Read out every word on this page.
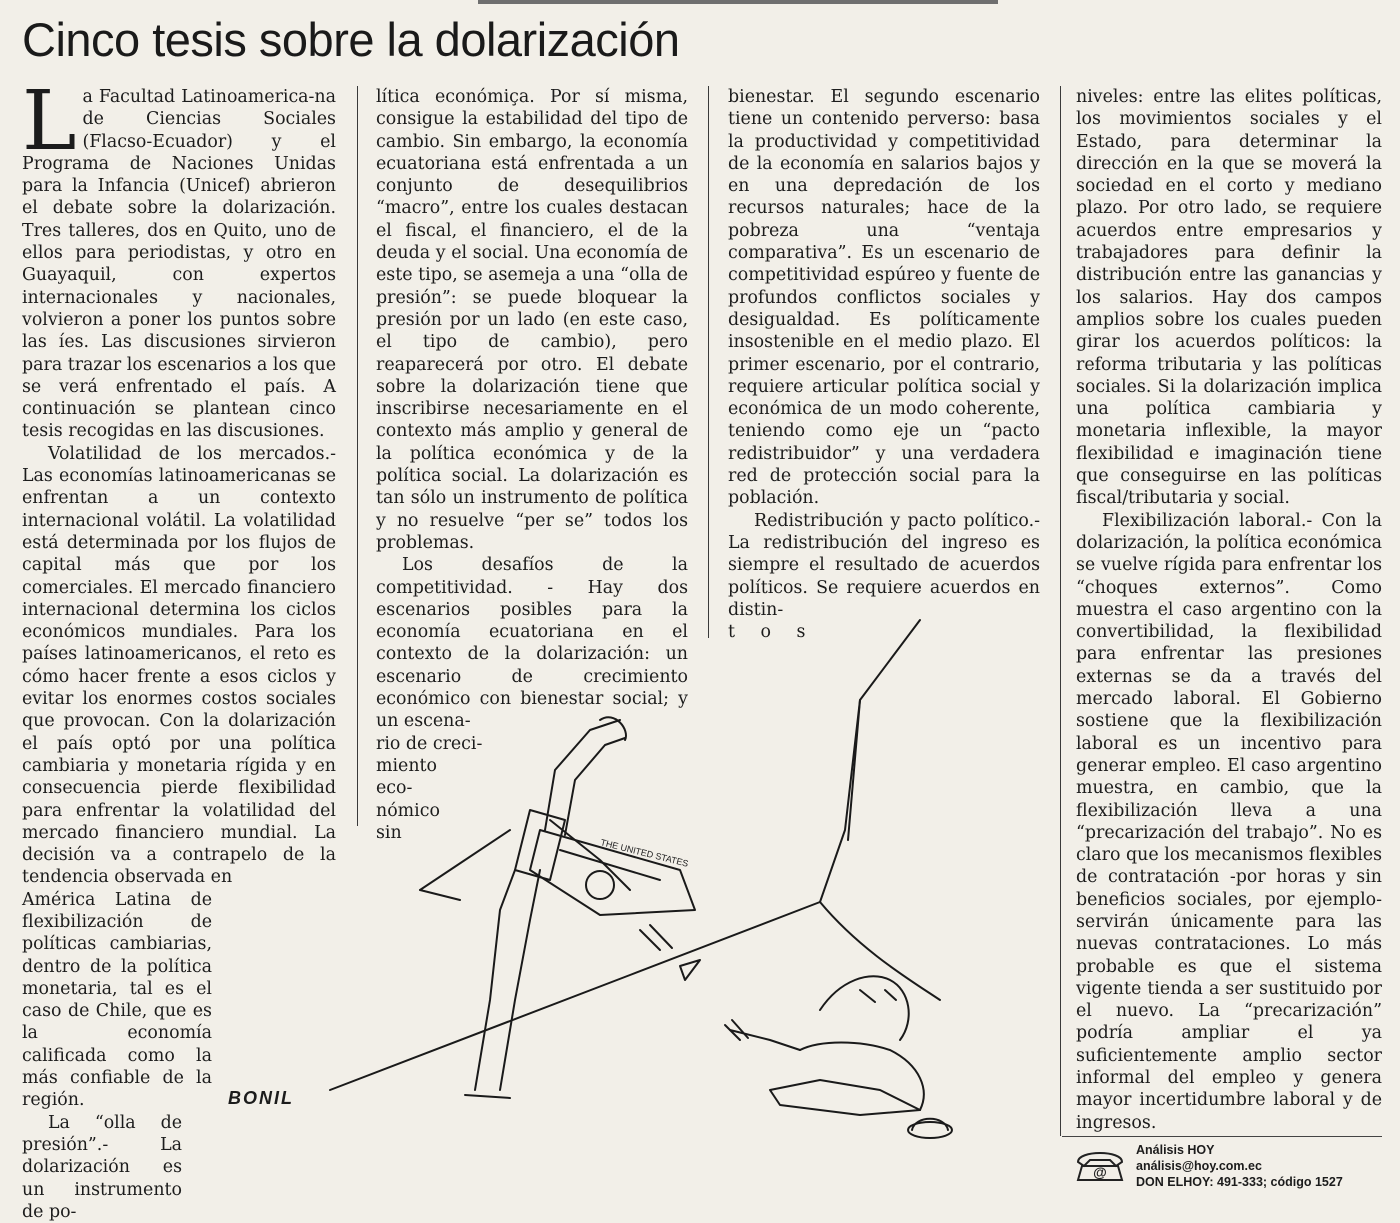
Cinco tesis sobre la dolarización

La Facultad Latinoamerica-na de Ciencias Sociales (Flacso-Ecuador) y el Programa de Naciones Unidas para la Infancia (Unicef) abrieron el debate sobre la dolarización. Tres talleres, dos en Quito, uno de ellos para periodistas, y otro en Guayaquil, con expertos internacionales y nacionales, volvieron a poner los puntos sobre las íes. Las discusiones sirvieron para trazar los escenarios a los que se verá enfrentado el país. A continuación se plantean cinco tesis recogidas en las discusiones.

Volatilidad de los mercados.- Las economías latinoamericanas se enfrentan a un contexto internacional volátil. La volatilidad está determinada por los flujos de capital más que por los comerciales. El mercado financiero internacional determina los ciclos económicos mundiales. Para los países latinoamericanos, el reto es cómo hacer frente a esos ciclos y evitar los enormes costos sociales que provocan. Con la dolarización el país optó por una política cambiaria y monetaria rígida y en consecuencia pierde flexibilidad para enfrentar la volatilidad del mercado financiero mundial. La decisión va a contrapelo de la tendencia observada en

América Latina de flexibilización de políticas cambiarias, dentro de la política monetaria, tal es el caso de Chile, que es la economía calificada como la más confiable de la región.

La “olla de presión”.- La dolarización es un instrumento de po-

lítica económiça. Por sí misma, consigue la estabilidad del tipo de cambio. Sin embargo, la economía ecuatoriana está enfrentada a un conjunto de desequilibrios “macro”, entre los cuales destacan el fiscal, el financiero, el de la deuda y el social. Una economía de este tipo, se asemeja a una “olla de presión”: se puede bloquear la presión por un lado (en este caso, el tipo de cambio), pero reaparecerá por otro. El debate sobre la dolarización tiene que inscribirse necesariamente en el contexto más amplio y general de la política económica y de la política social. La dolarización es tan sólo un instrumento de política y no resuelve “per se” todos los problemas.

Los desafíos de la competitividad. - Hay dos escenarios posibles para la economía ecuatoriana en el contexto de la dolarización: un escenario de crecimiento económico con bienestar social; y un escena-

rio de creci-

miento eco-

nómico

sin

bienestar. El segundo escenario tiene un contenido perverso: basa la productividad y competitividad de la economía en salarios bajos y en una depredación de los recursos naturales; hace de la pobreza una “ventaja comparativa”. Es un escenario de competitividad espúreo y fuente de profundos conflictos sociales y desigualdad. Es políticamente insostenible en el medio plazo. El primer escenario, por el contrario, requiere articular política social y económica de un modo coherente, teniendo como eje un “pacto redistribuidor” y una verdadera red de protección social para la población.

Redistribución y pacto político.- La redistribución del ingreso es siempre el resultado de acuerdos políticos. Se requiere acuerdos en distin-

t o s

niveles: entre las elites políticas, los movimientos sociales y el Estado, para determinar la dirección en la que se moverá la sociedad en el corto y mediano plazo. Por otro lado, se requiere acuerdos entre empresarios y trabajadores para definir la distribución entre las ganancias y los salarios. Hay dos campos amplios sobre los cuales pueden girar los acuerdos políticos: la reforma tributaria y las políticas sociales. Si la dolarización implica una política cambiaria y monetaria inflexible, la mayor flexibilidad e imaginación tiene que conseguirse en las políticas fiscal/tributaria y social.

Flexibilización laboral.- Con la dolarización, la política económica se vuelve rígida para enfrentar los “choques externos”. Como muestra el caso argentino con la convertibilidad, la flexibilidad para enfrentar las presiones externas se da a través del mercado laboral. El Gobierno sostiene que la flexibilización laboral es un incentivo para generar empleo. El caso argentino muestra, en cambio, que la flexibilización lleva a una “precarización del trabajo”. No es claro que los mecanismos flexibles de contratación -por horas y sin beneficios sociales, por ejemplo- servirán únicamente para las nuevas contrataciones. Lo más probable es que el sistema vigente tienda a ser sustituido por el nuevo. La “precarización” podría ampliar el ya suficientemente amplio sector informal del empleo y genera mayor incertidumbre laboral y de ingresos.

THE UNITED STATES
BONIL
@
Análisis HOY
análisis@hoy.com.ec
DON ELHOY: 491-333; código 1527
